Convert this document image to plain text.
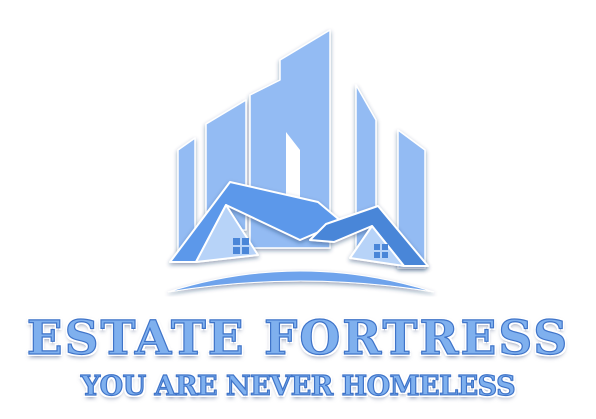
ESTATE FORTRESS
YOU ARE NEVER HOMELESS
